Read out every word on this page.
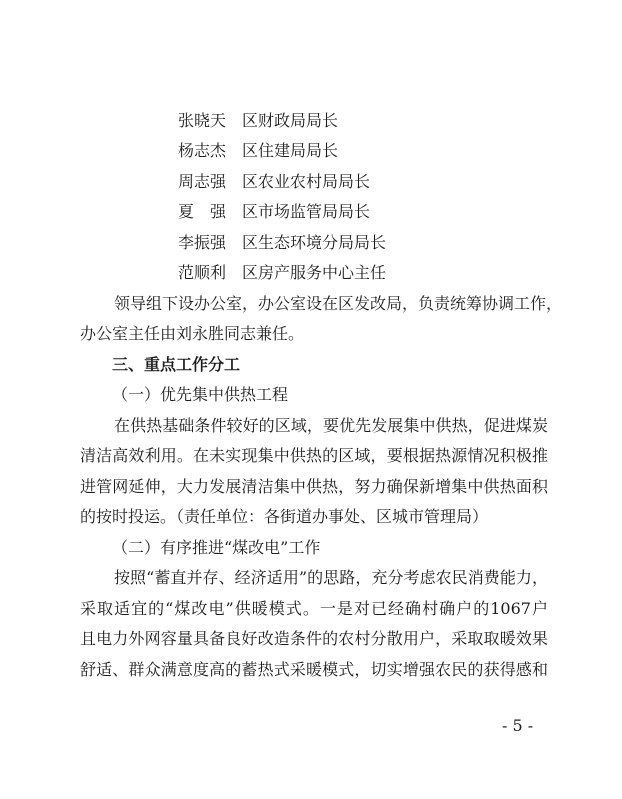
张晓天 区财政局局长
杨志杰 区住建局局长
周志强 区农业农村局局长
夏　强 区市场监管局局长
李振强 区生态环境分局局长
范顺利 区房产服务中心主任
领导组下设办公室，办公室设在区发改局，负责统筹协调工作，
办公室主任由刘永胜同志兼任。
三、重点工作分工
（一）优先集中供热工程
在供热基础条件较好的区域，要优先发展集中供热，促进煤炭
清洁高效利用。在未实现集中供热的区域，要根据热源情况积极推
进管网延伸，大力发展清洁集中供热，努力确保新增集中供热面积
的按时投运。（责任单位：各街道办事处、区城市管理局）
（二）有序推进“煤改电”工作
按照“蓄直并存、经济适用”的思路，充分考虑农民消费能力，
采取适宜的“煤改电”供暖模式。一是对已经确村确户的1067户
且电力外网容量具备良好改造条件的农村分散用户，采取取暖效果
舒适、群众满意度高的蓄热式采暖模式，切实增强农民的获得感和
- 5 -
